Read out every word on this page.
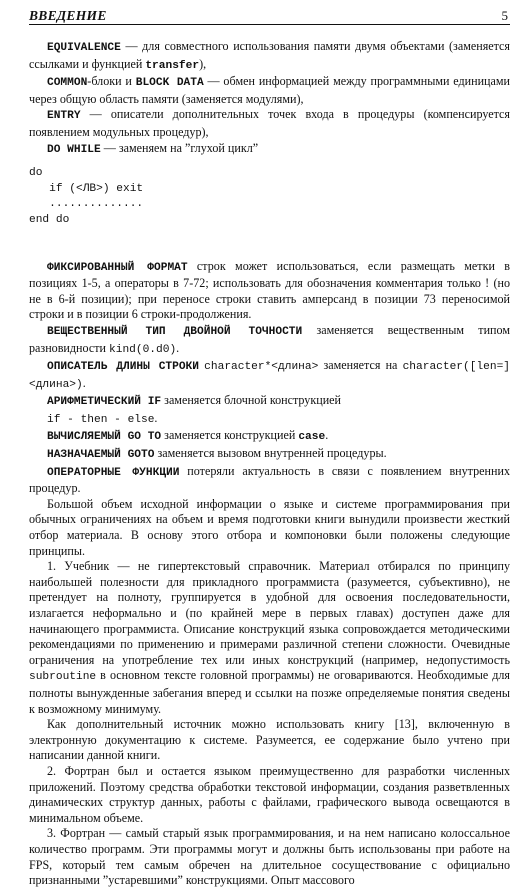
ВВЕДЕНИЕ	5

EQUIVALENCE — для совместного использования памяти двумя объектами (заменяется ссылками и функцией transfer),

COMMON-блоки и BLOCK DATA — обмен информацией между программными единицами через общую область памяти (заменяется модулями),

ENTRY — описатели дополнительных точек входа в процедуры (компенсируется появлением модульных процедур),

DO WHILE — заменяем на ”глухой цикл”

do
if (<ЛВ>) exit
..............
end do

ФИКСИРОВАННЫЙ ФОРМАТ строк может использоваться, если размещать метки в позициях 1-5, а операторы в 7-72; использовать для обозначения комментария только ! (но не в 6-й позиции); при переносе строки ставить амперсанд в позиции 73 переносимой строки и в позиции 6 строки-продолжения.

ВЕЩЕСТВЕННЫЙ ТИП ДВОЙНОЙ ТОЧНОСТИ заменяется вещественным типом разновидности kind(0.d0).

ОПИСАТЕЛЬ ДЛИНЫ СТРОКИ character*<длина> заменяется на character([len=]<длина>).

АРИФМЕТИЧЕСКИЙ IF заменяется блочной конструкцией

if - then - else.

ВЫЧИСЛЯЕМЫЙ GO TO заменяется конструкцией case.

НАЗНАЧАЕМЫЙ GOTO заменяется вызовом внутренней процедуры.

ОПЕРАТОРНЫЕ ФУНКЦИИ потеряли актуальность в связи с появлением внутренних процедур.

Большой объем исходной информации о языке и системе программирования при обычных ограничениях на объем и время подготовки книги вынудили произвести жесткий отбор материала. В основу этого отбора и компоновки были положены следующие принципы.

1. Учебник — не гипертекстовый справочник. Материал отбирался по принципу наибольшей полезности для прикладного программиста (разумеется, субъективно), не претендует на полноту, группируется в удобной для освоения последовательности, излагается неформально и (по крайней мере в первых главах) доступен даже для начинающего программиста. Описание конструкций языка сопровождается методическими рекомендациями по применению и примерами различной степени сложности. Очевидные ограничения на употребление тех или иных конструкций (например, недопустимость subroutine в основном тексте головной программы) не оговариваются. Необходимые для полноты вынужденные забегания вперед и ссылки на позже определяемые понятия сведены к возможному минимуму.

Как дополнительный источник можно использовать книгу [13], включенную в электронную документацию к системе. Разумеется, ее содержание было учтено при написании данной книги.

2. Фортран был и остается языком преимущественно для разработки численных приложений. Поэтому средства обработки текстовой информации, создания разветвленных динамических структур данных, работы с файлами, графического вывода освещаются в минимальном объеме.

3. Фортран — самый старый язык программирования, и на нем написано колоссальное количество программ. Эти программы могут и должны быть использованы при работе на FPS, который тем самым обречен на длительное сосуществование с официально признанными ”устаревшими” конструкциями. Опыт массового
